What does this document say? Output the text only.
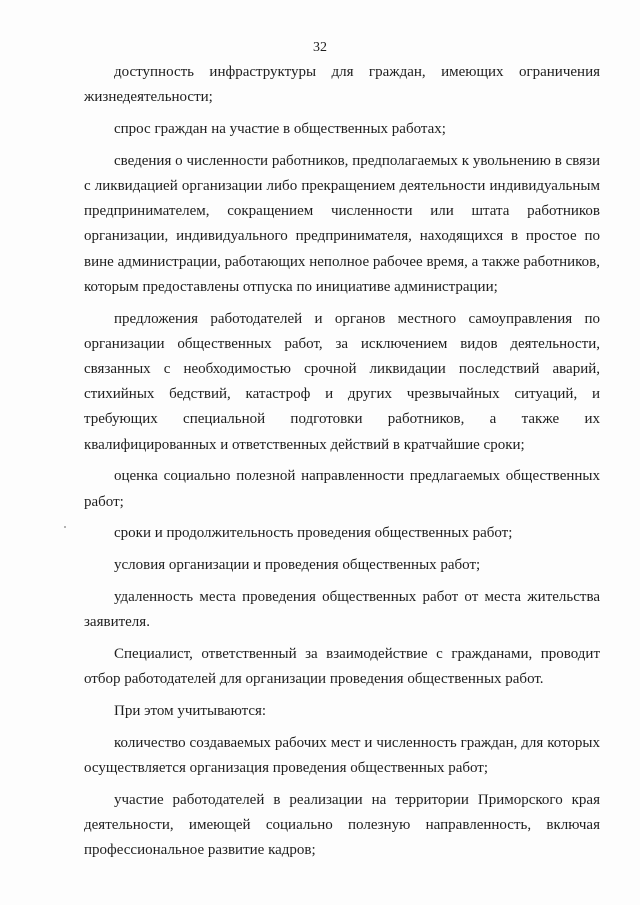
32

доступность инфраструктуры для граждан, имеющих ограничения жизнедеятельности;

спрос граждан на участие в общественных работах;

сведения о численности работников, предполагаемых к увольнению в связи с ликвидацией организации либо прекращением деятельности индивидуальным предпринимателем, сокращением численности или штата работников организации, индивидуального предпринимателя, находящихся в простое по вине администрации, работающих неполное рабочее время, а также работников, которым предоставлены отпуска по инициативе администрации;

предложения работодателей и органов местного самоуправления по организации общественных работ, за исключением видов деятельности, связанных с необходимостью срочной ликвидации последствий аварий, стихийных бедствий, катастроф и других чрезвычайных ситуаций, и требующих специальной подготовки работников, а также их квалифицированных и ответственных действий в кратчайшие сроки;

оценка социально полезной направленности предлагаемых общественных работ;

сроки и продолжительность проведения общественных работ;

условия организации и проведения общественных работ;

удаленность места проведения общественных работ от места жительства заявителя.

Специалист, ответственный за взаимодействие с гражданами, проводит отбор работодателей для организации проведения общественных работ.

При этом учитываются:

количество создаваемых рабочих мест и численность граждан, для которых осуществляется организация проведения общественных работ;

участие работодателей в реализации на территории Приморского края деятельности, имеющей социально полезную направленность, включая профессиональное развитие кадров;
